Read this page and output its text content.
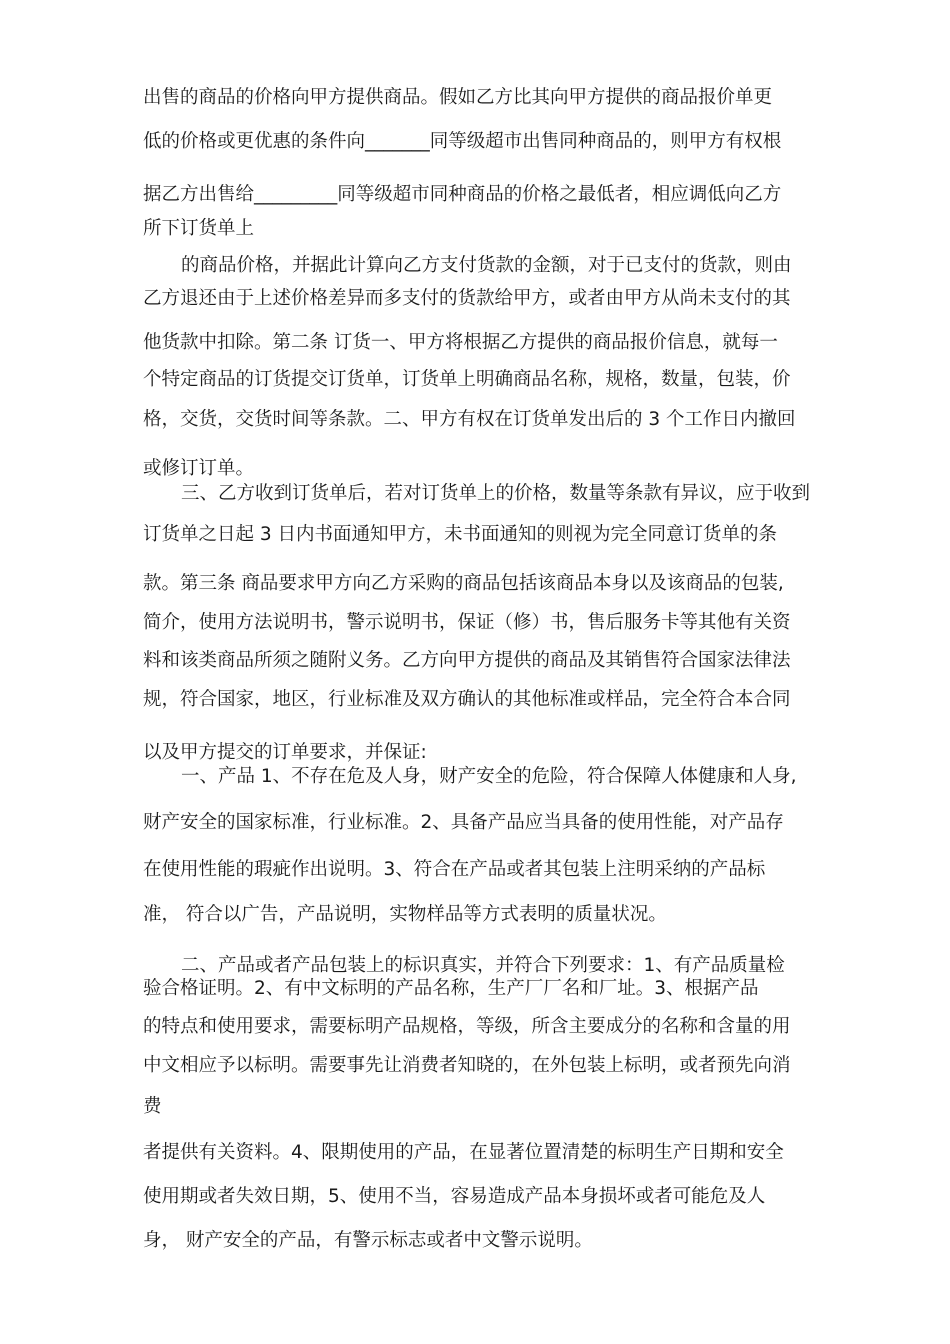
出售的商品的价格向甲方提供商品。假如乙方比其向甲方提供的商品报价单更
低的价格或更优惠的条件向_______同等级超市出售同种商品的，则甲方有权根
据乙方出售给_________同等级超市同种商品的价格之最低者，相应调低向乙方
所下订货单上
的商品价格，并据此计算向乙方支付货款的金额，对于已支付的货款，则由
乙方退还由于上述价格差异而多支付的货款给甲方，或者由甲方从尚未支付的其
他货款中扣除。第二条 订货一、甲方将根据乙方提供的商品报价信息，就每一
个特定商品的订货提交订货单，订货单上明确商品名称，规格，数量，包装，价
格，交货，交货时间等条款。二、甲方有权在订货单发出后的 3 个工作日内撤回
或修订订单。
三、乙方收到订货单后，若对订货单上的价格，数量等条款有异议，应于收到
订货单之日起 3 日内书面通知甲方，未书面通知的则视为完全同意订货单的条
款。第三条 商品要求甲方向乙方采购的商品包括该商品本身以及该商品的包装,
简介，使用方法说明书，警示说明书，保证（修）书，售后服务卡等其他有关资
料和该类商品所须之随附义务。乙方向甲方提供的商品及其销售符合国家法律法
规，符合国家，地区，行业标准及双方确认的其他标准或样品，完全符合本合同
以及甲方提交的订单要求，并保证:
一、产品 1、不存在危及人身，财产安全的危险，符合保障人体健康和人身,
财产安全的国家标准，行业标准。2、具备产品应当具备的使用性能，对产品存
在使用性能的瑕疵作出说明。3、符合在产品或者其包装上注明采纳的产品标
准， 符合以广告，产品说明，实物样品等方式表明的质量状况。
二、产品或者产品包装上的标识真实，并符合下列要求：1、有产品质量检
验合格证明。2、有中文标明的产品名称，生产厂厂名和厂址。3、根据产品
的特点和使用要求，需要标明产品规格，等级，所含主要成分的名称和含量的用
中文相应予以标明。需要事先让消费者知晓的，在外包装上标明，或者预先向消
费
者提供有关资料。4、限期使用的产品，在显著位置清楚的标明生产日期和安全
使用期或者失效日期，5、使用不当，容易造成产品本身损坏或者可能危及人
身， 财产安全的产品，有警示标志或者中文警示说明。
